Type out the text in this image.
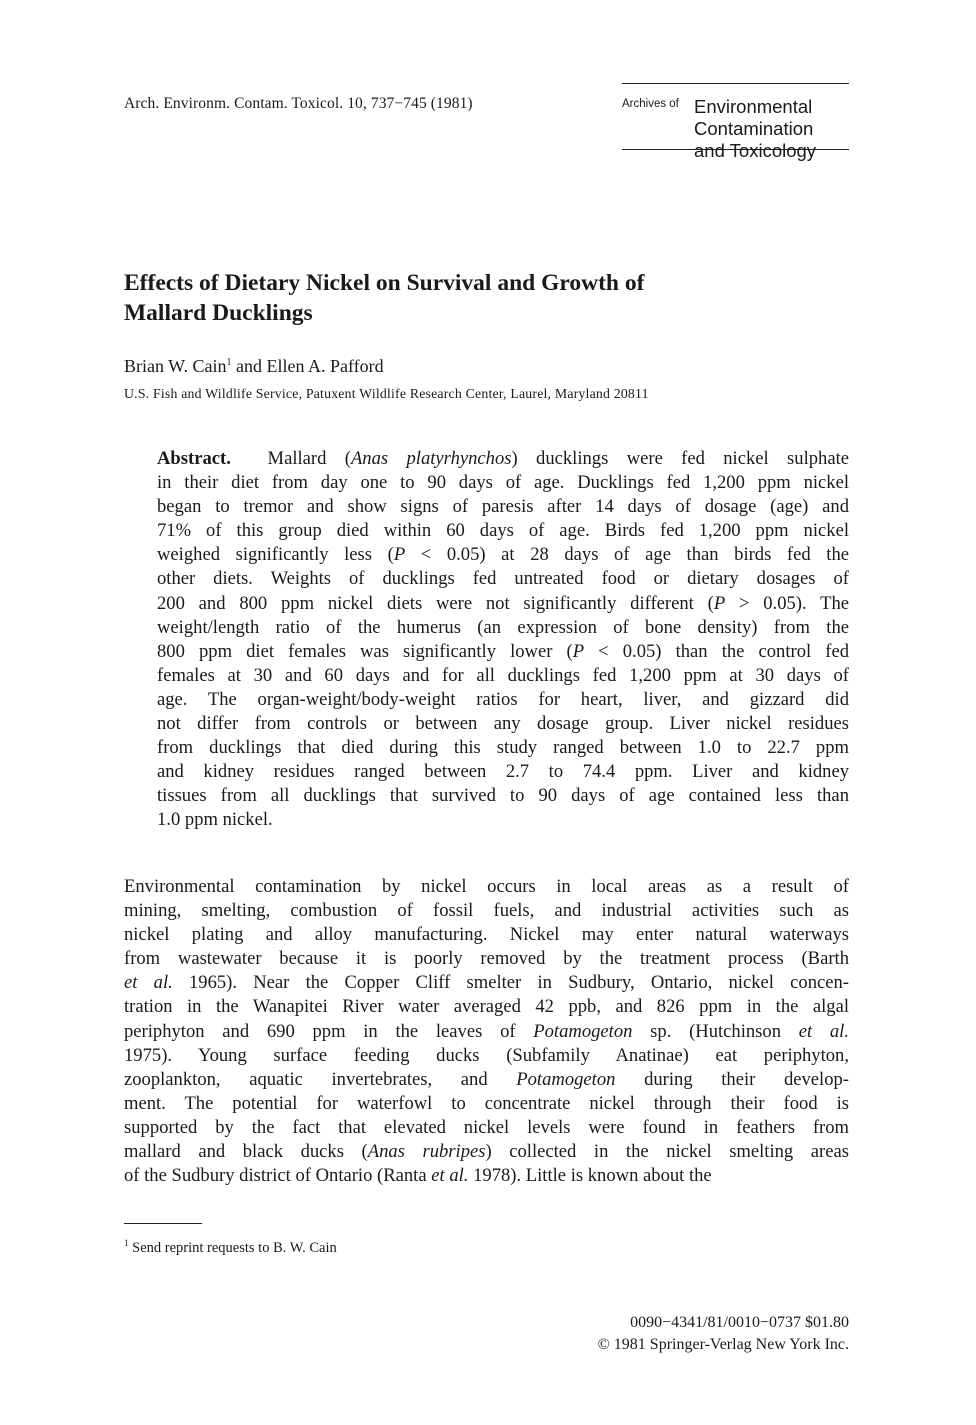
Arch. Environm. Contam. Toxicol. 10, 737−745 (1981)	Archives of Environmental
Contamination
and Toxicology
Effects of Dietary Nickel on Survival and Growth of
Mallard Ducklings
Brian W. Cain$^1$ and Ellen A. Pafford
U.S. Fish and Wildlife Service, Patuxent Wildlife Research Center, Laurel, Maryland 20811
Abstract.  Mallard (Anas platyrhynchos) ducklings were fed nickel sulphate
in their diet from day one to 90 days of age. Ducklings fed 1,200 ppm nickel
began to tremor and show signs of paresis after 14 days of dosage (age) and
71% of this group died within 60 days of age. Birds fed 1,200 ppm nickel
weighed significantly less (P < 0.05) at 28 days of age than birds fed the
other diets. Weights of ducklings fed untreated food or dietary dosages of
200 and 800 ppm nickel diets were not significantly different (P > 0.05). The
weight/length ratio of the humerus (an expression of bone density) from the
800 ppm diet females was significantly lower (P < 0.05) than the control fed
females at 30 and 60 days and for all ducklings fed 1,200 ppm at 30 days of
age. The organ-weight/body-weight ratios for heart, liver, and gizzard did
not differ from controls or between any dosage group. Liver nickel residues
from ducklings that died during this study ranged between 1.0 to 22.7 ppm
and kidney residues ranged between 2.7 to 74.4 ppm. Liver and kidney
tissues from all ducklings that survived to 90 days of age contained less than
1.0 ppm nickel.
Environmental contamination by nickel occurs in local areas as a result of
mining, smelting, combustion of fossil fuels, and industrial activities such as
nickel plating and alloy manufacturing. Nickel may enter natural waterways
from wastewater because it is poorly removed by the treatment process (Barth
et al. 1965). Near the Copper Cliff smelter in Sudbury, Ontario, nickel concen-
tration in the Wanapitei River water averaged 42 ppb, and 826 ppm in the algal
periphyton and 690 ppm in the leaves of Potamogeton sp. (Hutchinson et al.
1975). Young surface feeding ducks (Subfamily Anatinae) eat periphyton,
zooplankton, aquatic invertebrates, and Potamogeton during their develop-
ment. The potential for waterfowl to concentrate nickel through their food is
supported by the fact that elevated nickel levels were found in feathers from
mallard and black ducks (Anas rubripes) collected in the nickel smelting areas
of the Sudbury district of Ontario (Ranta et al. 1978). Little is known about the
$^1$ Send reprint requests to B. W. Cain
0090−4341/81/0010−0737 $01.80
© 1981 Springer-Verlag New York Inc.
